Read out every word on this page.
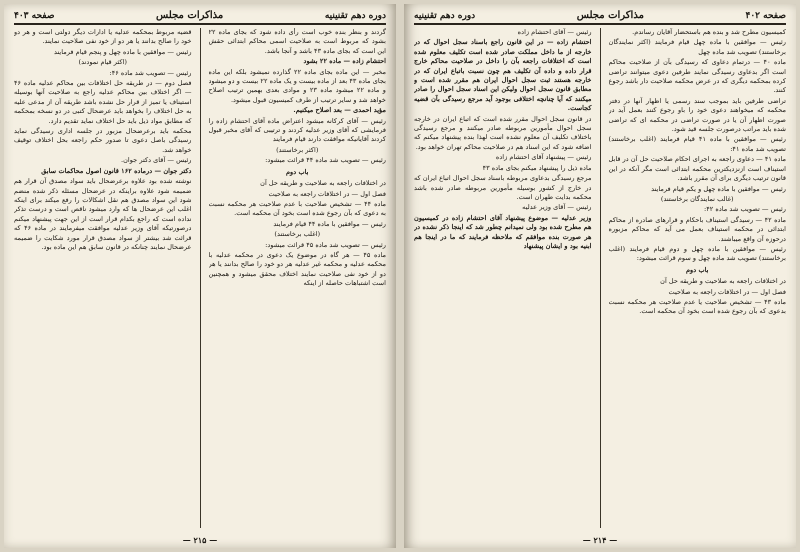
دوره دهم تقنینیه
مذاکرات مجلس
صفحه ۴۰۳

گردند و بنظر بنده خوب است رأی داده شود که بجای ماده ۲۲ بشود که مربوط است به صلاحیت اسمی محاکم ابتدائی حقش این است که بجای ماده ۴۳ باشد و آنجا باشد.

احتشام زاده — ماده ۲۲ بشود

مخبر — این ماده بجای ماده ۲۲ گذارده نمیشود بلکه این ماده بجای ماده ۴۳ بعد از ماده بیست و یک ماده ۲۲ بیست و دو میشود و ماده ۲۲ میشود ماده ۲۳ و موادی بعدی بهمین ترتیب اصلاح خواهد شد و سایر ترتیب از طرف کمیسیون قبول میشود.

مؤید احمدی — بعد اصلاح میکنیم.

رئیس — آقای کرکانه میشود اعتراض ماده آقای احتشام زاده را فرمایشی که آقای وزیر عدلیه کردند و ترتیبی که آقای مخبر قبول کردند آقایانیکه موافقت دارند قیام فرمایند

(اکثر برخاستند)

رئیس — تصویب شد ماده ۴۴ قرائت میشود:

باب دوم

در اختلافات راجعه به صلاحیت و طریقه حل آن

فصل اول — در اختلافات راجعه به صلاحیت

ماده ۴۴ — تشخیص صلاحیت با عدم صلاحیت هر محکمه نسبت به دعوی که بآن رجوع شده است بخود آن محکمه است.

رئیس — موافقین با ماده ۴۴ قیام فرمایند

(اغلب برخاستند)

رئیس — تصویب شد ماده ۴۵ قرائت میشود:

ماده ۴۵ — هر گاه در موضوع یک دعوی در محکمه عدلیه با محکمه عدلیه و محکمه غیر عدلیه هر دو خود را صالح بدانند یا هر دو از خود نفی صلاحیت نمایند اختلاف محقق میشود و همچنین است اشتباهات حاصله از اینکه

قضیه مربوط بمحکمه عدلیه یا ادارات دیگر دولتی است و هر دو خود را صالح بدانند یا هر دو از خود نفی صلاحیت نمایند.

رئیس — موافقین با ماده چهل و پنجم قیام فرمایند

(اکثر قیام نمودند)

رئیس — تصویب شد ماده ۴۶:

فصل دوم — در طریقه حل اختلافات بین محاکم عدلیه ماده ۴۶ — اگر اختلاف بین محاکم عدلیه راجع به صلاحیت آنها بوسیله استیناف یا تمیز از قرار حل نشده باشد طریقه آن از مدعی علیه به حل اختلاف را بخواهد باید عرضحال کتبی در دو نسخه بمحکمه که مطابق مواد ذیل باید حل اختلاف نماید تقدیم دارد.

محکمه باید برعرضحال مزبور در جلسه اداری رسیدگی نماید رسیدگی باصل دعوی تا صدور حکم راجعه بحل اختلاف توقیف خواهد شد.

رئیس — آقای دکتر جوان.

دکتر جوان — درماده ۱۶۲ قانون اصول محاکمات سابق

نوشته شده بود علاوه برعرضحال باید سواد مصدق آن قرار هم ضمیمه شود علاوه براینکه در عرضحال مسئله ذکر شده منضم شود این سواد مصدق هم نقل اشکالات را رفع میکند برای اینکه اغلب این عرضحال ها که وارد میشود ناقص است و درست تذکر نداده است که راجع بکدام قرار است از این جهت پیشنهاد میکنم درصورتیکه آقای وزیر عدلیه موافقت میفرمایند در ماده ۴۶ که قرائت شد بیشتر از سواد مصدق قرار مورد شکایت را ضمیمه عرضحال نمایند چنانکه در قانون سابق هم این ماده بود.

— ۲۱۵ —
صفحه ۴۰۲
مذاکرات مجلس
دوره دهم تقنینیه

کمیسیون مطرح شد و بنده هم باستحضار آقایان رساندم.

رئیس — موافقین با ماده چهل قیام فرمایند (اکثر نمایندگان برخاستند) تصویب شد ماده چهل

ماده ۴۰ — درتمام دعاوی که رسیدگی بآن از صلاحیت محاکم است اگر بدعاوی رسیدگی نمایند طرفین دعوی میتوانند تراضی کرده بمحکمه دیگری که در عرض محکمه صلاحیت دار باشد رجوع کنند.

تراضی طرفین باید بموجب سند رسمی یا اظهار آنها در دفتر محکمه که میخواهند دعوی خود را باو رجوع کنند بعمل آید در صورت اظهار آن یا در صورت تراضی در محکمه ای که تراضی شده باید مراتب درصورت جلسه قید شود.

رئیس — موافقین با ماده ۴۱ قیام فرمایند (اغلب برخاستند) تصویب شد ماده ۴۱:

ماده ۴۱ — دعاوی راجعه به اجرای احکام صلاحیت حل آن در قابل استیناف است ازنزدیکترین محکمه ابتدائی است مگر آنکه در این قانون ترتیب دیگری برای آن مقرر باشد.

رئیس — موافقین با ماده چهل و یکم قیام فرمایند

(غالب نمایندگان برخاستند)

رئیس — تصویب شد ماده ۴۲:

ماده ۴۲ — رسیدگی استیناف باحکام و قرارهای صادره از محاکم ابتدائی در محکمه استیناف بعمل می آید که محاکم مزبوره درحوزه آن واقع میباشند.

رئیس — موافقین با ماده چهل و دوم قیام فرمایند (اغلب برخاستند) تصویب شد ماده چهل و سوم قرائت میشود:

باب دوم

در اختلافات راجعه به صلاحیت و طریقه حل آن

فصل اول — در اختلافات راجعه به صلاحیت

ماده ۴۳ — تشخیص صلاحیت یا عدم صلاحیت هر محکمه نسبت بدعوی که بآن رجوع شده است بخود آن محکمه است.

رئیس — آقای احتشام زاده

احتشام زاده — در این قانون راجع باسناد سجل احوال که در خارجه از ما داخل مملکت صادر شده است تکلیف معلوم شده است که اختلافات راجعه بآن را داخل در صلاحیت محاکم خارج قرار داده و داده آن تکلیف هم چون نسبت باتباع ایران که در خارجه هستند ثبت سجل احوال ایران هم مقرر شده است و مطابق قانون سجل احوال ولیکن این اسناد سجل احوال را صادر میکنند که آیا چنانچه اختلافی بوجود آید مرجع رسیدگی بآن قضیه کجاست.

در قانون سجل احوال مقرر شده است که اتباع ایران در خارجه سجل احوال مأمورین مربوطه صادر میکنند و مرجع رسیدگی باختلاف تکلیف آن معلوم نشده است لهذا بنده پیشنهاد میکنم که اضافه شود که این اسناد هم در صلاحیت محاکم تهران خواهد بود.

رئیس — پیشنهاد آقای احتشام زاده

ماده ذیل را پیشنهاد میکنم بجای ماده ۴۳

مرجع رسیدگی بدعاوی مربوطه باسناد سجل احوال اتباع ایران که در خارج از کشور بوسیله مأمورین مربوطه صادر شده باشد محکمه بدایت طهران است.

رئیس — آقای وزیر عدلیه

وزیر عدلیه — موضوع پیشنهاد آقای احتشام زاده در کمیسیون هم مطرح شده بود ولی نمیدانم چطور شد که اینجا ذکر نشده در هر صورت بنده موافقم که ملاحظه فرمایند که ما در اینجا هم ابنیه بود و ایشان پیشنهاد

— ۲۱۴ —
